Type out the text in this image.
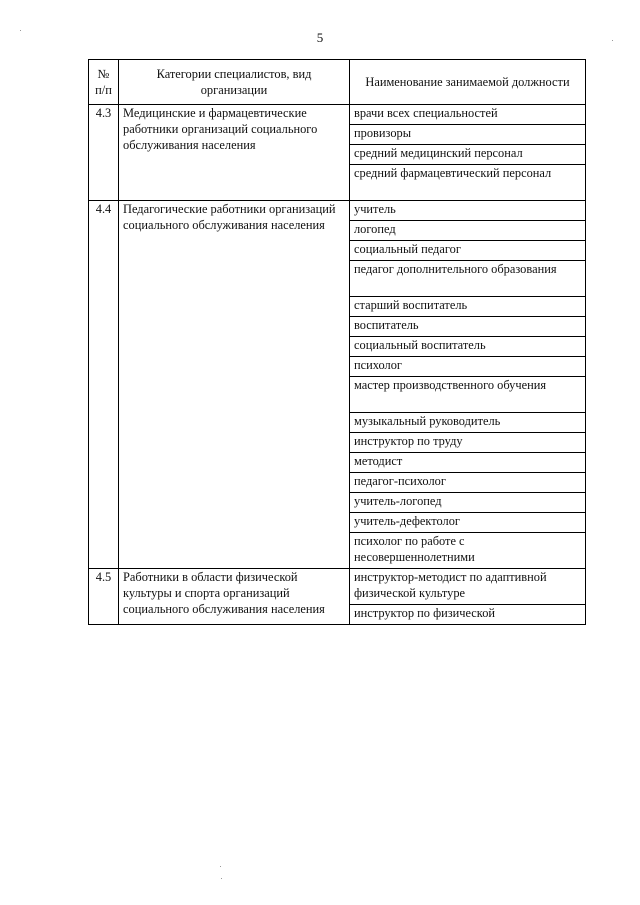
5
№ п/п	Категории специалистов, вид организации	Наименование занимаемой должности
4.3	Медицинские и фармацевтические работники организаций социального обслуживания населения	врачи всех специальностей
		провизоры
		средний медицинский персонал
		средний фармацевтический персонал
4.4	Педагогические работники организаций социального обслуживания населения	учитель
		логопед
		социальный педагог
		педагог дополнительного образования
		старший воспитатель
		воспитатель
		социальный воспитатель
		психолог
		мастер производственного обучения
		музыкальный руководитель
		инструктор по труду
		методист
		педагог-психолог
		учитель-логопед
		учитель-дефектолог
		психолог по работе с несовершеннолетними
4.5	Работники в области физической культуры и спорта организаций социального обслуживания населения	инструктор-методист по адаптивной физической культуре
		инструктор по физической
